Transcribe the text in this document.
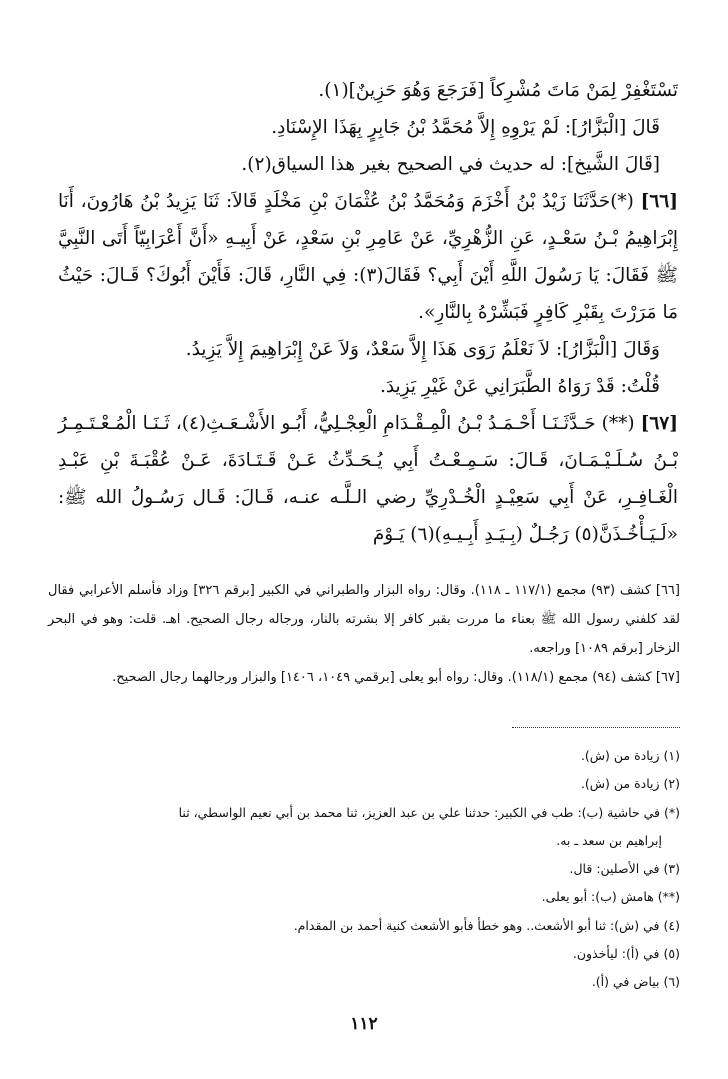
تَسْتَغْفِرْ لِمَنْ مَاتَ مُشْرِكاً [فَرَجَعَ وَهُوَ حَزِينٌ](١).

قَالَ [الْبَزَّارُ]: لَمْ يَرْوِهِ إِلاَّ مُحَمَّدُ بْنُ جَابِرٍ بِهَذَا الإِسْنَادِ.

[قَالَ الشَّيخ]: له حديث في الصحيح بغير هذا السياق(٢).

[٦٦] (*)حَدَّثَنَا زَيْدُ بْنُ أَخْزَمَ وَمُحَمَّدُ بْنُ عُثْمَانَ بْنِ مَخْلَدٍ قَالاَ: ثَنَا يَزِيدُ بْنُ هَارُونَ، أَنَا إِبْرَاهِيمُ بْـنُ سَعْـدٍ، عَنِ الزُّهْرِيِّ، عَنْ عَامِرِ بْنِ سَعْدٍ، عَنْ أَبِيـهِ «أَنَّ أَعْرَابِيّاً أَتَى النَّبِيَّ ﷺ فَقَالَ: يَا رَسُولَ اللَّهِ أَيْنَ أَبِي؟ فَقَالَ(٣): فِي النَّارِ، قَالَ: فَأَيْنَ أَبُوكَ؟ قَـالَ: حَيْثُ مَا مَرَرْتَ بِقَبْرِ كَافِرٍ فَبَشِّرْهُ بِالنَّارِ».

وَقَالَ [الْبَزَّارُ]: لاَ نَعْلَمُ رَوَى هَذَا إِلاَّ سَعْدٌ، وَلاَ عَنْ إِبْرَاهِيمَ إِلاَّ يَزِيدُ.

قُلْتُ: قَدْ رَوَاهُ الطَّبَرَانِي عَنْ غَيْرِ يَزِيدَ.

[٦٧] (**) حَـدَّثَـنَـا أَحْـمَـدُ بْـنُ الْمِـقْـدَامِ الْعِجْـلِيُّ، أَبُـو الأَشْـعَـثِ(٤)، ثَـنَـا الْمُـعْـتَـمِـرُ بْـنُ سُـلَـيْـمَـانَ، قَـالَ: سَـمِـعْـتُ أَبِي يُـحَـدِّثُ عَـنْ قَـتَـادَةَ، عَـنْ عُقْبَـةَ بْنِ عَبْـدِ الْغَـافِـرِ، عَنْ أَبِي سَعِيْـدٍ الْخُـدْرِيِّ رضي الـلَّـه عنـه، قَـالَ: قَـال رَسُـولُ الله ﷺ: «لَـيَـأْخُـذَنَّ(٥) رَجُـلٌ (بِـيَـدِ أَبِـيـهِ)(٦) يَـوْمَ

[٦٦] كشف (٩٣) مجمع (١١٧/١ ـ ١١٨). وقال: رواه البزار والطبراني في الكبير [برقم ٣٢٦] وزاد فأسلم الأعرابي فقال لقد كلفني رسول الله ﷺ بعناء ما مررت بقبر كافر إلا بشرته بالنار، ورجاله رجال الصحيح. اهـ. قلت: وهو في البحر الزخار [برقم ١٠٨٩] وراجعه.

[٦٧] كشف (٩٤) مجمع (١١٨/١). وقال: رواه أبو يعلى [برقمي ١٠٤٩، ١٤٠٦] والبزار ورجالهما رجال الصحيح.

(١) زيادة من (ش).

(٢) زيادة من (ش).

(*) في حاشية (ب): طب في الكبير: حدثنا علي بن عبد العزيز، ثنا محمد بن أبي نعيم الواسطي، ثنا

إبراهيم بن سعد ـ به.

(٣) في الأصلين: قال.

(**) هامش (ب): أبو يعلى.

(٤) في (ش): ثنا أبو الأشعث.. وهو خطأ فأبو الأشعث كنية أحمد بن المقدام.

(٥) في (أ): ليأخذون.

(٦) بياض في (أ).

١١٢
